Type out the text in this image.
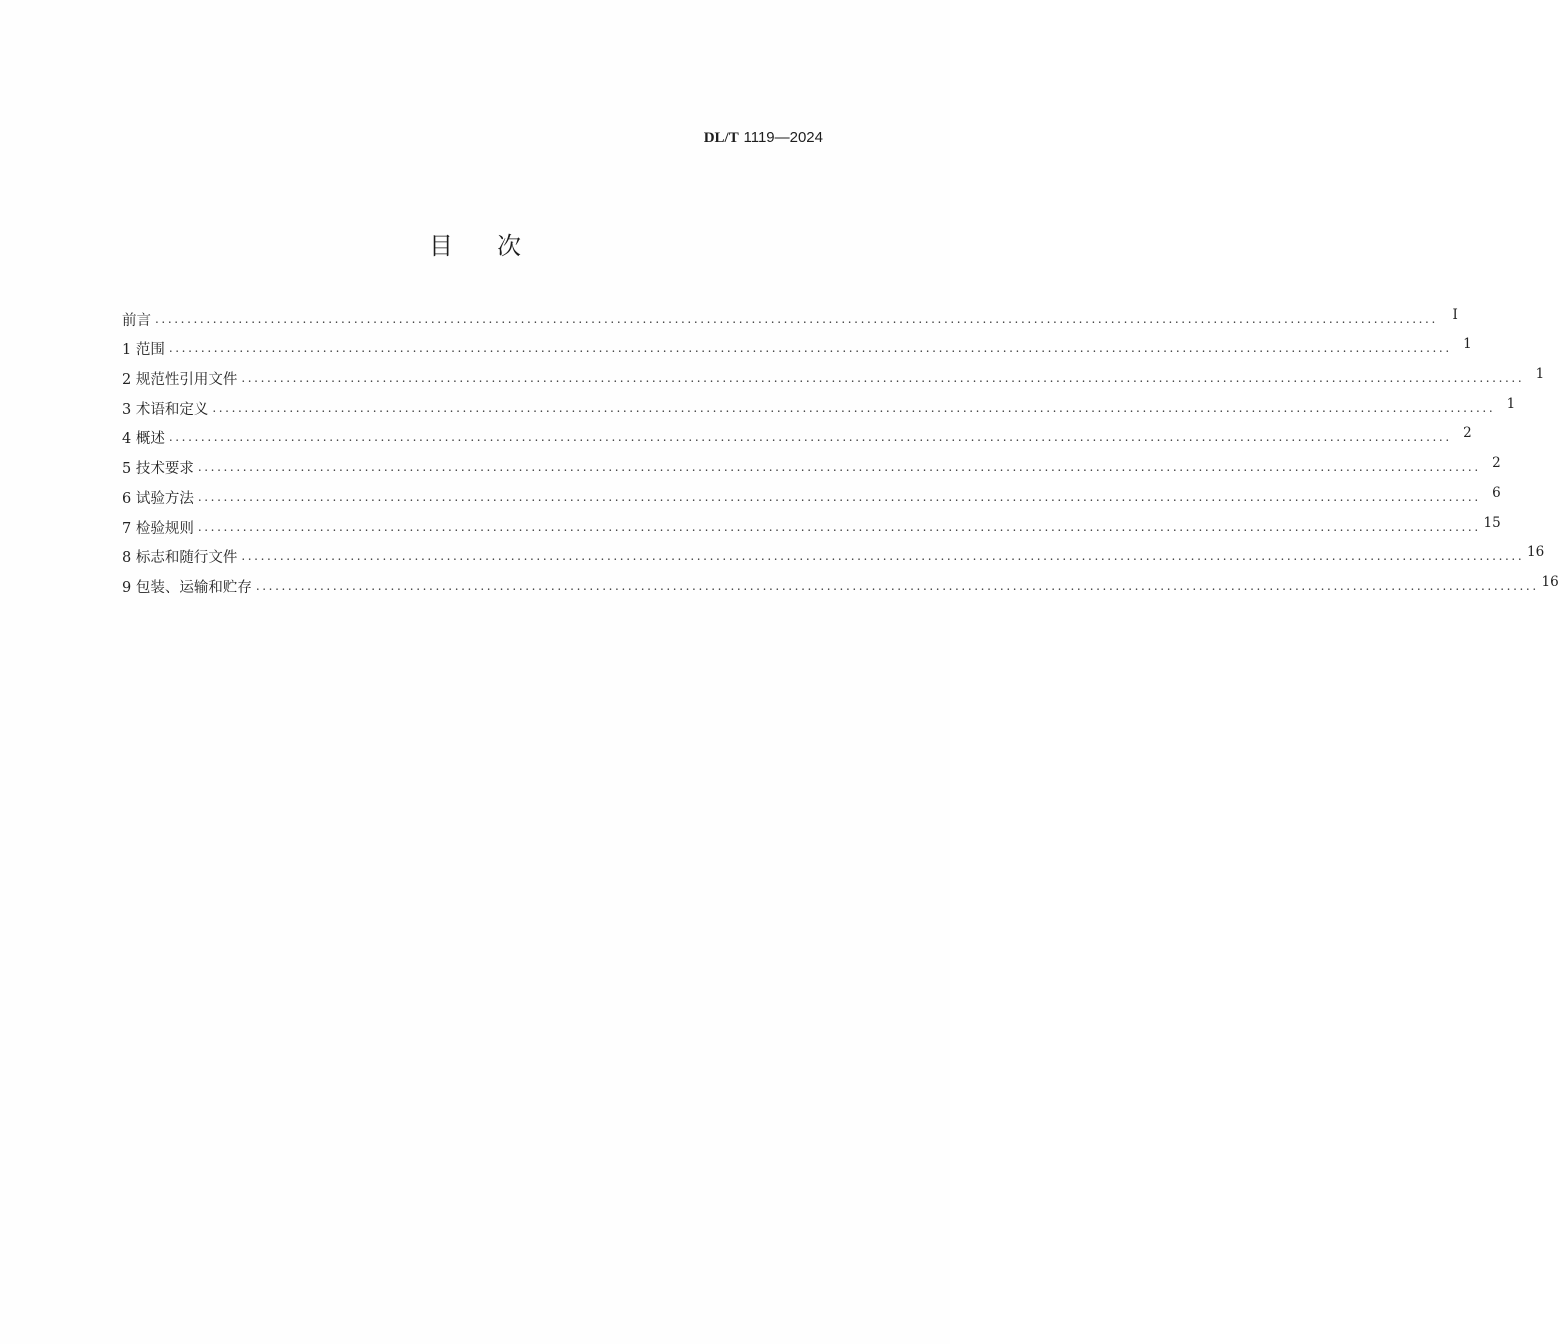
DL/T 1119—2024
目次
前言 ........................................................................................................................................................................................................	I
1 范围 ........................................................................................................................................................................................................ 1
2 规范性引用文件 ........................................................................................................................................................................................................ 1
3 术语和定义 ........................................................................................................................................................................................................ 1
4 概述 ........................................................................................................................................................................................................ 2
5 技术要求 ........................................................................................................................................................................................................ 2
6 试验方法 ........................................................................................................................................................................................................ 6
7 检验规则 ........................................................................................................................................................................................................ 15
8 标志和随行文件 ........................................................................................................................................................................................................ 16
9 包装、运输和贮存 ........................................................................................................................................................................................................ 16
